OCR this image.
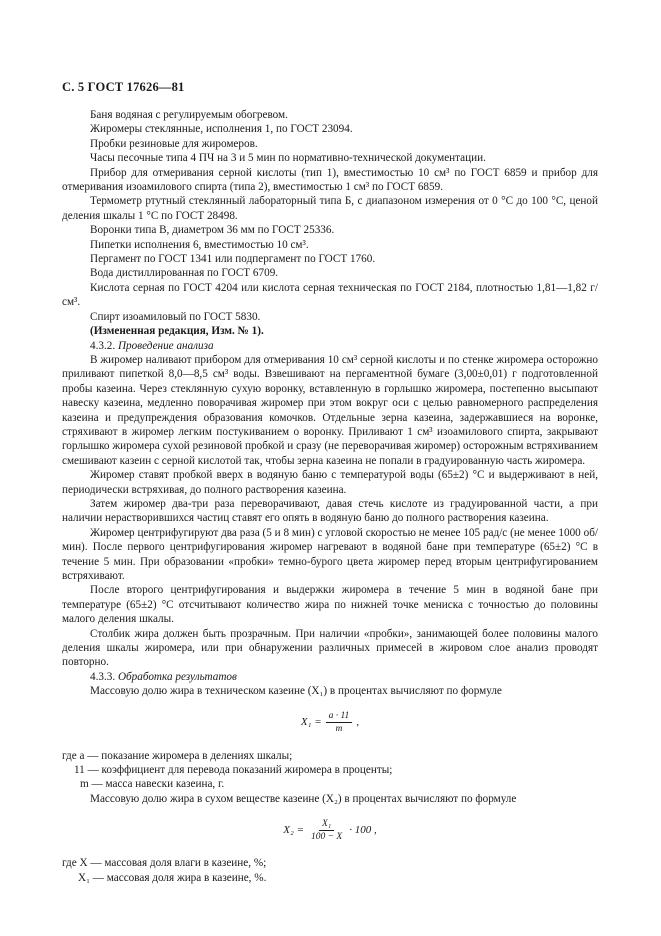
С. 5 ГОСТ 17626—81

Баня водяная с регулируемым обогревом.

Жиромеры стеклянные, исполнения 1, по ГОСТ 23094.

Пробки резиновые для жиромеров.

Часы песочные типа 4 ПЧ на 3 и 5 мин по нормативно-технической документации.

Прибор для отмеривания серной кислоты (тип 1), вместимостью 10 см³ по ГОСТ 6859 и прибор для отмеривания изоамилового спирта (типа 2), вместимостью 1 см³ по ГОСТ 6859.

Термометр ртутный стеклянный лабораторный типа Б, с диапазоном измерения от 0 °С до 100 °С, ценой деления шкалы 1 °С по ГОСТ 28498.

Воронки типа В, диаметром 36 мм по ГОСТ 25336.

Пипетки исполнения 6, вместимостью 10 см³.

Пергамент по ГОСТ 1341 или подпергамент по ГОСТ 1760.

Вода дистиллированная по ГОСТ 6709.

Кислота серная по ГОСТ 4204 или кислота серная техническая по ГОСТ 2184, плотностью 1,81—1,82 г/см³.

Спирт изоамиловый по ГОСТ 5830.

(Измененная редакция, Изм. № 1).

4.3.2. Проведение анализа

В жиромер наливают прибором для отмеривания 10 см³ серной кислоты и по стенке жиромера осторожно приливают пипеткой 8,0—8,5 см³ воды. Взвешивают на пергаментной бумаге (3,00±0,01) г подготовленной пробы казеина. Через стеклянную сухую воронку, вставленную в горлышко жиромера, постепенно высыпают навеску казеина, медленно поворачивая жиромер при этом вокруг оси с целью равномерного распределения казеина и предупреждения образования комочков. Отдельные зерна казеина, задержавшиеся на воронке, стряхивают в жиромер легким постукиванием о воронку. Приливают 1 см³ изоамилового спирта, закрывают горлышко жиромера сухой резиновой пробкой и сразу (не переворачивая жиромер) осторожным встряхиванием смешивают казеин с серной кислотой так, чтобы зерна казеина не попали в градуированную часть жиромера.

Жиромер ставят пробкой вверх в водяную баню с температурой воды (65±2) °С и выдерживают в ней, периодически встряхивая, до полного растворения казеина.

Затем жиромер два-три раза переворачивают, давая стечь кислоте из градуированной части, а при наличии нерастворившихся частиц ставят его опять в водяную баню до полного растворения казеина.

Жиромер центрифугируют два раза (5 и 8 мин) с угловой скоростью не менее 105 рад/с (не менее 1000 об/мин). После первого центрифугирования жиромер нагревают в водяной бане при температуре (65±2) °С в течение 5 мин. При образовании «пробки» темно-бурого цвета жиромер перед вторым центрифугированием встряхивают.

После второго центрифугирования и выдержки жиромера в течение 5 мин в водяной бане при температуре (65±2) °С отсчитывают количество жира по нижней точке мениска с точностью до половины малого деления шкалы.

Столбик жира должен быть прозрачным. При наличии «пробки», занимающей более половины малого деления шкалы жиромера, или при обнаружении различных примесей в жировом слое анализ проводят повторно.

4.3.3. Обработка результатов

Массовую долю жира в техническом казеине (X₁) в процентах вычисляют по формуле

$X_1 = \frac{a \cdot 11}{m}$ ,
где a — показание жиромера в делениях шкалы;
11 — коэффициент для перевода показаний жиромера в проценты;
m — масса навески казеина, г.

Массовую долю жира в сухом веществе казеине (X₂) в процентах вычисляют по формуле

$X_2 = \frac{\text{X₁}}{100 - X} \cdot 100$ ,
где X — массовая доля влаги в казеине, %;
X₁ — массовая доля жира в казеине, %.
